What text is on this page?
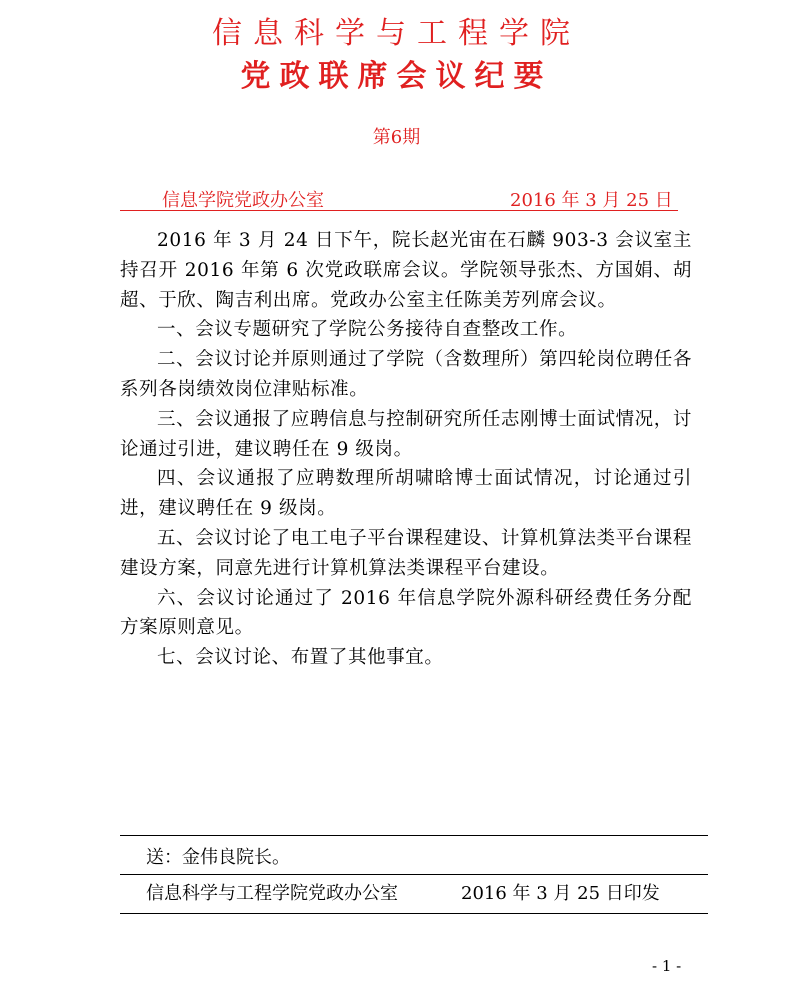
信息科学与工程学院
党政联席会议纪要
第6期
信息学院党政办公室	2016 年 3 月 25 日

2016 年 3 月 24 日下午，院长赵光宙在石麟 903-3 会议室主持召开 2016 年第 6 次党政联席会议。学院领导张杰、方国娟、胡超、于欣、陶吉利出席。党政办公室主任陈美芳列席会议。

一、会议专题研究了学院公务接待自查整改工作。

二、会议讨论并原则通过了学院（含数理所）第四轮岗位聘任各系列各岗绩效岗位津贴标准。

三、会议通报了应聘信息与控制研究所任志刚博士面试情况，讨论通过引进，建议聘任在 9 级岗。

四、会议通报了应聘数理所胡啸晗博士面试情况，讨论通过引进，建议聘任在 9 级岗。

五、会议讨论了电工电子平台课程建设、计算机算法类平台课程建设方案，同意先进行计算机算法类课程平台建设。

六、会议讨论通过了 2016 年信息学院外源科研经费任务分配方案原则意见。

七、会议讨论、布置了其他事宜。

送：金伟良院长。
信息科学与工程学院党政办公室	2016 年 3 月 25 日印发
- 1 -
